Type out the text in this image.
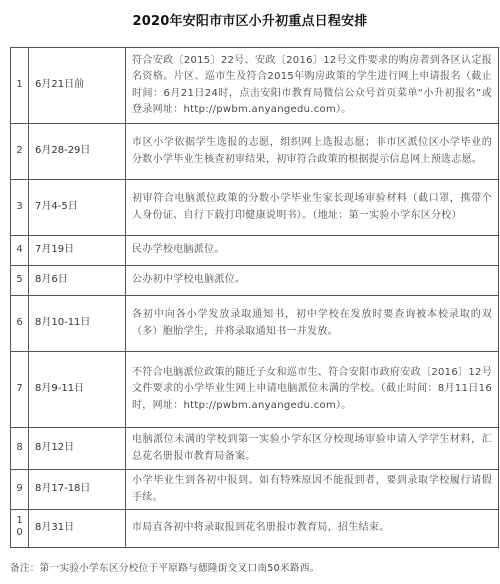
2020年安阳市市区小升初重点日程安排
1	6月21日前	符合安政〔2015〕22号、安政〔2016〕12号文件要求的购房者到各区认定报名资格。片区、巡市生及符合2015年购房政策的学生进行网上申请报名（截止时间：6月21日24时，点击安阳市教育局微信公众号首页菜单“小升初报名”或登录网址：http://pwbm.anyangedu.com）。
2	6月28-29日	市区小学依据学生选报的志愿，组织网上选报志愿；非市区派位区小学毕业的分数小学毕业生核查初审结果，初审符合政策的根据提示信息网上预选志愿。
3	7月4-5日	初审符合电脑派位政策的分数小学毕业生家长现场审验材料（截口罩，携带个人身份证、自行下载打印健康说明书）。（地址：第一实验小学东区分校）
4	7月19日	民办学校电脑派位。
5	8月6日	公办初中学校电脑派位。
6	8月10-11日	各初中向各小学发放录取通知书，初中学校在发放时要查询被本校录取的双（多）胞胎学生，并将录取通知书一并发放。
7	8月9-11日	不符合电脑派位政策的随迁子女和巡市生、符合安阳市政府安政〔2016〕12号文件要求的小学毕业生网上申请电脑派位未满的学校。（截止时间：8月11日16时，网址：http://pwbm.anyangedu.com）。
8	8月12日	电脑派位未满的学校到第一实验小学东区分校现场审验申请入学学生材料，汇总花名册报市教育局备案。
9	8月17-18日	小学毕业生到各初中报到。如有特殊原因不能报到者，要到录取学校履行请假手续。
10	8月31日	市局直各初中将录取报到花名册报市教育局，招生结束。
备注：第一实验小学东区分校位于平原路与德隆街交叉口南50米路西。
